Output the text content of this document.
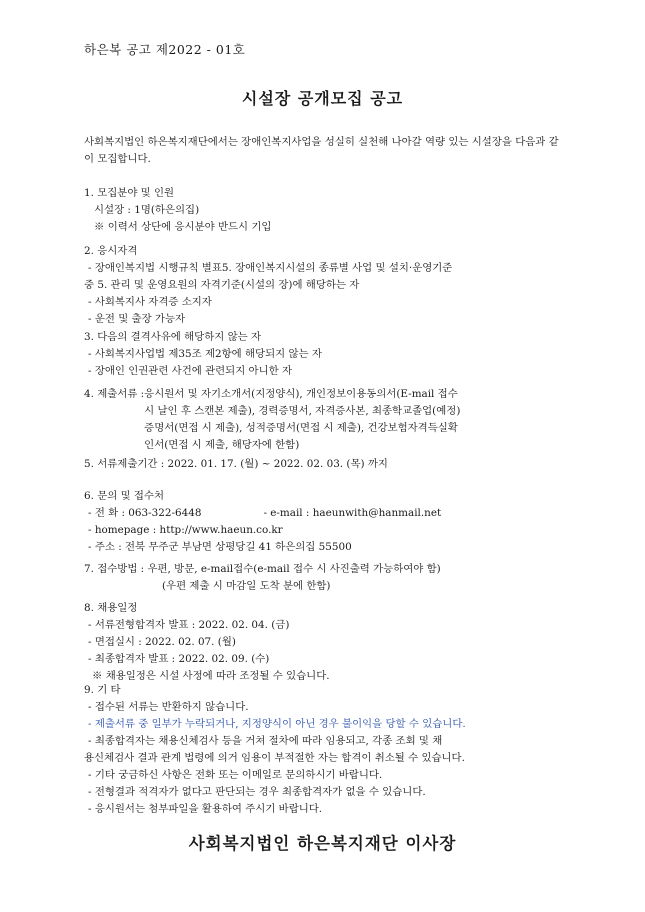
하은복 공고 제2022 - 01호
시설장 공개모집 공고
사회복지법인 하은복지재단에서는 장애인복지사업을 성실히 실천해 나아갈 역량 있는 시설장을 다음과 같이 모집합니다.
1. 모집분야 및 인원
시설장 : 1명(하은의집)
※ 이력서 상단에 응시분야 반드시 기입
2. 응시자격
- 장애인복지법 시행규칙 별표5. 장애인복지시설의 종류별 사업 및 설치·운영기준
중 5. 관리 및 운영요원의 자격기준(시설의 장)에 해당하는 자
- 사회복지사 자격증 소지자
- 운전 및 출장 가능자
3. 다음의 결격사유에 해당하지 않는 자
- 사회복지사업법 제35조 제2항에 해당되지 않는 자
- 장애인 인권관련 사건에 관련되지 아니한 자
4. 제출서류 : 응시원서 및 자기소개서(지정양식), 개인정보이용동의서(E-mail 접수
시 날인 후 스캔본 제출), 경력증명서, 자격증사본, 최종학교졸업(예정)
증명서(면접 시 제출), 성적증명서(면접 시 제출), 건강보험자격득실확
인서(면접 시 제출, 해당자에 한함)
5. 서류제출기간 : 2022. 01. 17. (월) ~ 2022. 02. 03. (목) 까지
6. 문의 및 접수처
- 전 화 : 063-322-6448	- e-mail : haeunwith@hanmail.net
- homepage : http://www.haeun.co.kr
- 주소 : 전북 무주군 부남면 상평당길 41 하은의집 55500
7. 접수방법 : 우편, 방문, e-mail접수(e-mail 접수 시 사진출력 가능하여야 함)
(우편 제출 시 마감일 도착 분에 한함)
8. 채용일정
- 서류전형합격자 발표 : 2022. 02. 04. (금)
- 면접실시 : 2022. 02. 07. (월)
- 최종합격자 발표 : 2022. 02. 09. (수)
※ 채용일정은 시설 사정에 따라 조정될 수 있습니다.
9. 기 타
- 접수된 서류는 반환하지 않습니다.
- 제출서류 중 일부가 누락되거나, 지정양식이 아닌 경우 불이익을 당할 수 있습니다.
- 최종합격자는 채용신체검사 등을 거쳐 절차에 따라 임용되고, 각종 조회 및 채
용신체검사 결과 관계 법령에 의거 임용이 부적절한 자는 합격이 취소될 수 있습니다.
- 기타 궁금하신 사항은 전화 또는 이메일로 문의하시기 바랍니다.
- 전형결과 적격자가 없다고 판단되는 경우 최종합격자가 없을 수 있습니다.
- 응시원서는 첨부파일을 활용하여 주시기 바랍니다.
사회복지법인 하은복지재단 이사장
